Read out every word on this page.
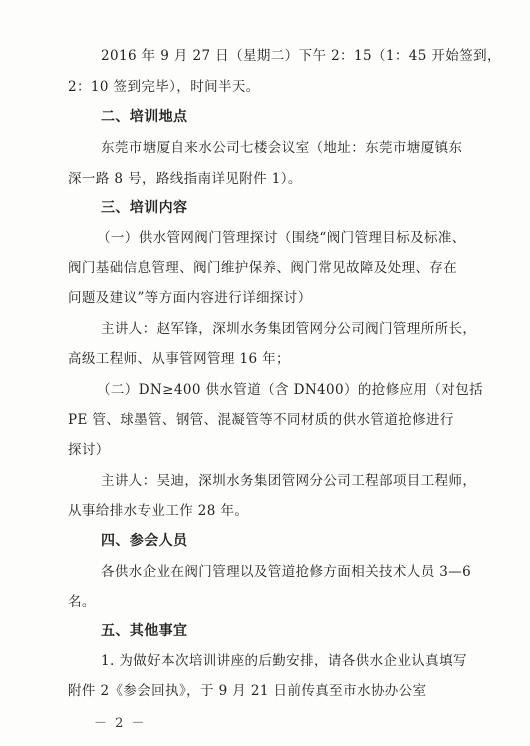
2016 年 9 月 27 日（星期二）下午 2：15（1：45 开始签到，
2：10 签到完毕），时间半天。
二、培训地点
东莞市塘厦自来水公司七楼会议室（地址：东莞市塘厦镇东
深一路 8 号，路线指南详见附件 1）。
三、培训内容
（一）供水管网阀门管理探讨（围绕“阀门管理目标及标准、
阀门基础信息管理、阀门维护保养、阀门常见故障及处理、存在
问题及建议”等方面内容进行详细探讨）
主讲人：赵军锋，深圳水务集团管网分公司阀门管理所所长，
高级工程师、从事管网管理 16 年；
（二）DN≥400 供水管道（含 DN400）的抢修应用（对包括
PE 管、球墨管、钢管、混凝管等不同材质的供水管道抢修进行
探讨）
主讲人：吴迪，深圳水务集团管网分公司工程部项目工程师，
从事给排水专业工作 28 年。
四、参会人员
各供水企业在阀门管理以及管道抢修方面相关技术人员 3—6
名。
五、其他事宜
1. 为做好本次培训讲座的后勤安排，请各供水企业认真填写
附件 2《参会回执》，于 9 月 21 日前传真至市水协办公室
－ 2 －
